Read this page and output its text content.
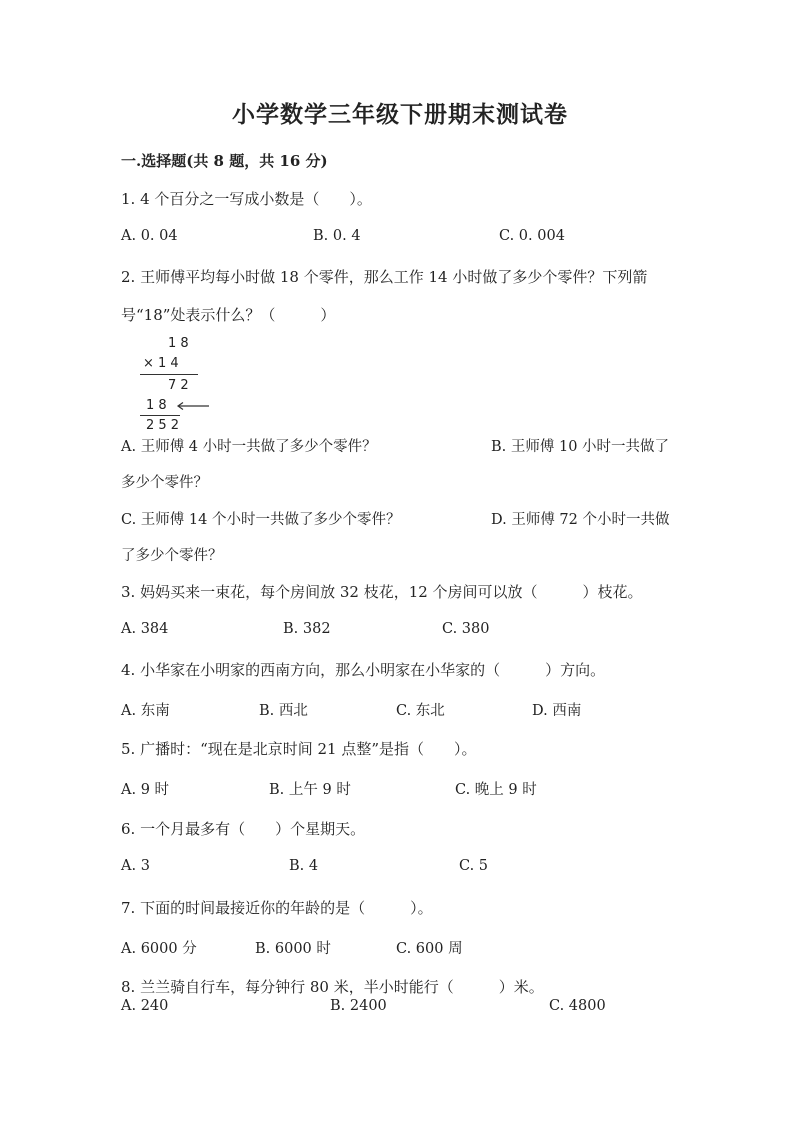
小学数学三年级下册期末测试卷
一.选择题(共 8 题，共 16 分)
1. 4 个百分之一写成小数是（　　）。
A. 0. 04	B. 0. 4	C. 0. 004
2. 王师傅平均每小时做 18 个零件，那么工作 14 小时做了多少个零件？下列箭
号“18”处表示什么？（　　　）
1 8
× 1 4
7 2
1 8
2 5 2
A. 王师傅 4 小时一共做了多少个零件？	B. 王师傅 10 小时一共做了
多少个零件？
C. 王师傅 14 个小时一共做了多少个零件？	D. 王师傅 72 个小时一共做
了多少个零件？
3. 妈妈买来一束花，每个房间放 32 枝花，12 个房间可以放（　　　）枝花。
A. 384	B. 382	C. 380
4. 小华家在小明家的西南方向，那么小明家在小华家的（　　　）方向。
A. 东南	B. 西北	C. 东北	D. 西南
5. 广播时：“现在是北京时间 21 点整”是指（　　）。
A. 9 时	B. 上午 9 时	C. 晚上 9 时
6. 一个月最多有（　　）个星期天。
A. 3	B. 4	C. 5
7. 下面的时间最接近你的年龄的是（　　　）。
A. 6000 分	B. 6000 时	C. 600 周
8. 兰兰骑自行车，每分钟行 80 米，半小时能行（　　　）米。
A. 240	B. 2400	C. 4800
